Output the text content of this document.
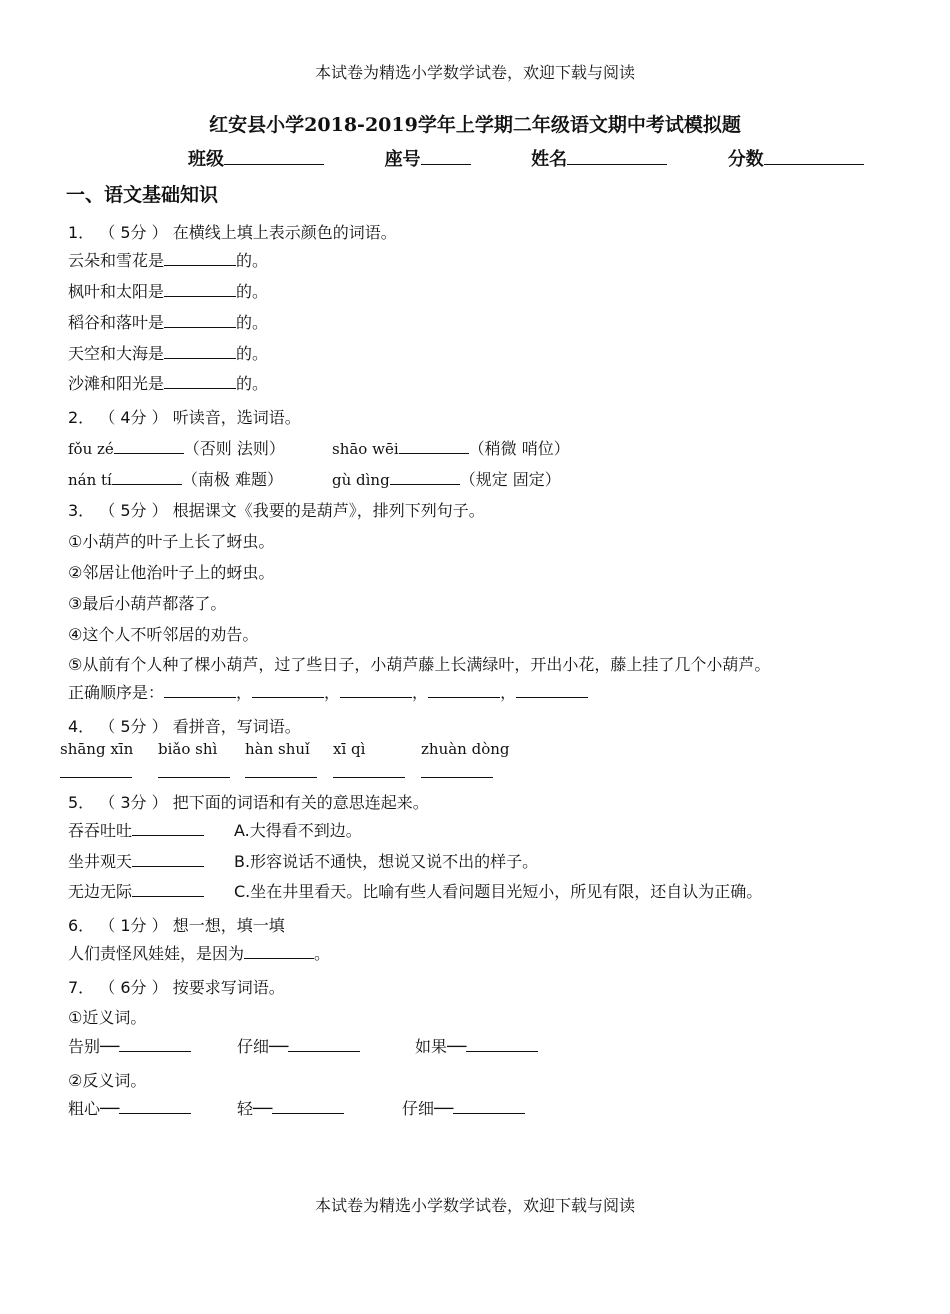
本试卷为精选小学数学试卷，欢迎下载与阅读
红安县小学2018-2019学年上学期二年级语文期中考试模拟题
班级	座号	姓名	分数
一、语文基础知识
1． （ 5分 ） 在横线上填上表示颜色的词语。
云朵和雪花是	的。
枫叶和太阳是	的。
稻谷和落叶是	的。
天空和大海是	的。
沙滩和阳光是	的。
2． （ 4分 ） 听读音，选词语。
fǒu zé	（否则 法则）	shāo wēi	（稍微 哨位）
nán tí	（南极 难题）	gù dìng	（规定 固定）
3． （ 5分 ） 根据课文《我要的是葫芦》，排列下列句子。
①小葫芦的叶子上长了蚜虫。
②邻居让他治叶子上的蚜虫。
③最后小葫芦都落了。
④这个人不听邻居的劝告。
⑤从前有个人种了棵小葫芦，过了些日子，小葫芦藤上长满绿叶，开出小花，藤上挂了几个小葫芦。
正确顺序是：	，	，	，	，
4． （ 5分 ） 看拼音，写词语。
shāng xīn biǎo shì hàn shuǐ xī qì	zhuàn dòng
5． （ 3分 ） 把下面的词语和有关的意思连起来。
吞吞吐吐	A.大得看不到边。
坐井观天	B.形容说话不通快，想说又说不出的样子。
无边无际	C.坐在井里看天。比喻有些人看问题目光短小，所见有限，还自认为正确。
6． （ 1分 ） 想一想，填一填
人们责怪风娃娃，是因为	。
7． （ 6分 ） 按要求写词语。
①近义词。
告别──	仔细──	如果──
②反义词。
粗心──	轻──	仔细──
本试卷为精选小学数学试卷，欢迎下载与阅读
